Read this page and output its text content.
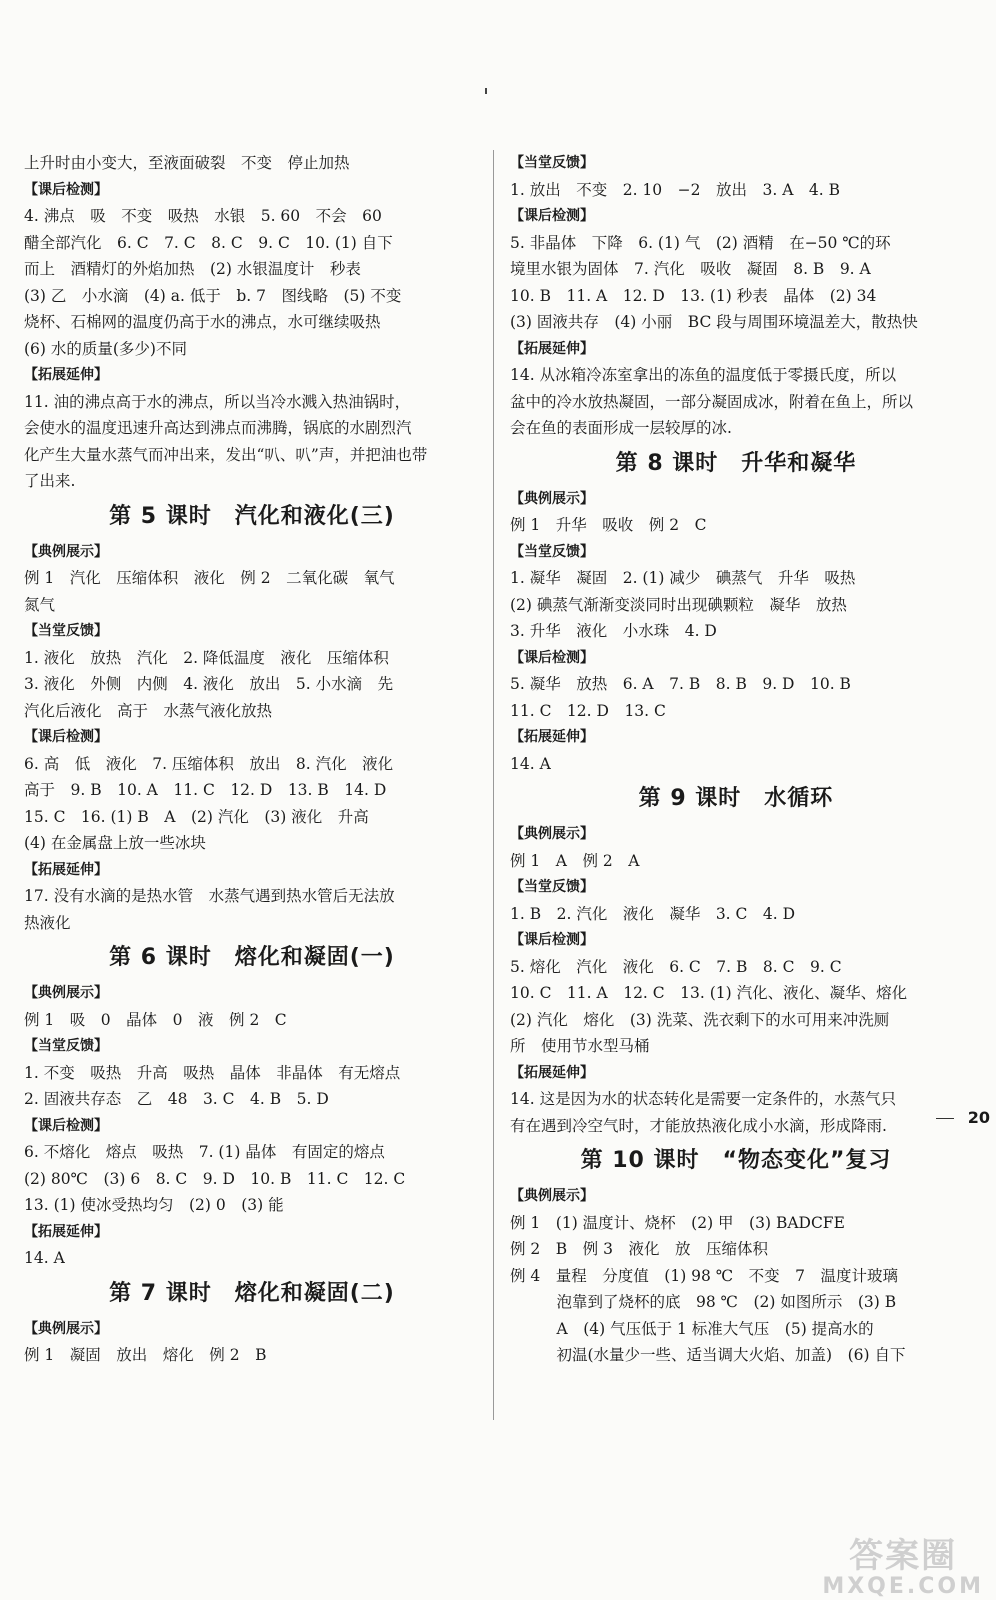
上升时由小变大，至液面破裂　不变　停止加热
【课后检测】
4. 沸点　吸　不变　吸热　水银　5. 60　不会　60
醋全部汽化　6. C　7. C　8. C　9. C　10. (1) 自下
而上　酒精灯的外焰加热　(2) 水银温度计　秒表
(3) 乙　小水滴　(4) a. 低于　b. 7　图线略　(5) 不变
烧杯、石棉网的温度仍高于水的沸点，水可继续吸热
(6) 水的质量(多少)不同
【拓展延伸】
11. 油的沸点高于水的沸点，所以当冷水溅入热油锅时，
会使水的温度迅速升高达到沸点而沸腾，锅底的水剧烈汽
化产生大量水蒸气而冲出来，发出“叭、叭”声，并把油也带
了出来.
第 5 课时　汽化和液化(三)
【典例展示】
例 1　汽化　压缩体积　液化　例 2　二氧化碳　氧气
氮气
【当堂反馈】
1. 液化　放热　汽化　2. 降低温度　液化　压缩体积
3. 液化　外侧　内侧　4. 液化　放出　5. 小水滴　先
汽化后液化　高于　水蒸气液化放热
【课后检测】
6. 高　低　液化　7. 压缩体积　放出　8. 汽化　液化
高于　9. B　10. A　11. C　12. D　13. B　14. D
15. C　16. (1) B　A　(2) 汽化　(3) 液化　升高
(4) 在金属盘上放一些冰块
【拓展延伸】
17. 没有水滴的是热水管　水蒸气遇到热水管后无法放
热液化
第 6 课时　熔化和凝固(一)
【典例展示】
例 1　吸　0　晶体　0　液　例 2　C
【当堂反馈】
1. 不变　吸热　升高　吸热　晶体　非晶体　有无熔点
2. 固液共存态　乙　48　3. C　4. B　5. D
【课后检测】
6. 不熔化　熔点　吸热　7. (1) 晶体　有固定的熔点
(2) 80℃　(3) 6　8. C　9. D　10. B　11. C　12. C
13. (1) 使冰受热均匀　(2) 0　(3) 能
【拓展延伸】
14. A
第 7 课时　熔化和凝固(二)
【典例展示】
例 1　凝固　放出　熔化　例 2　B
【当堂反馈】
1. 放出　不变　2. 10　−2　放出　3. A　4. B
【课后检测】
5. 非晶体　下降　6. (1) 气　(2) 酒精　在−50 ℃的环
境里水银为固体　7. 汽化　吸收　凝固　8. B　9. A
10. B　11. A　12. D　13. (1) 秒表　晶体　(2) 34
(3) 固液共存　(4) 小丽　BC 段与周围环境温差大，散热快
【拓展延伸】
14. 从冰箱冷冻室拿出的冻鱼的温度低于零摄氏度，所以
盆中的冷水放热凝固，一部分凝固成冰，附着在鱼上，所以
会在鱼的表面形成一层较厚的冰.
第 8 课时　升华和凝华
【典例展示】
例 1　升华　吸收　例 2　C
【当堂反馈】
1. 凝华　凝固　2. (1) 减少　碘蒸气　升华　吸热
(2) 碘蒸气渐渐变淡同时出现碘颗粒　凝华　放热
3. 升华　液化　小水珠　4. D
【课后检测】
5. 凝华　放热　6. A　7. B　8. B　9. D　10. B
11. C　12. D　13. C
【拓展延伸】
14. A
第 9 课时　水循环
【典例展示】
例 1　A　例 2　A
【当堂反馈】
1. B　2. 汽化　液化　凝华　3. C　4. D
【课后检测】
5. 熔化　汽化　液化　6. C　7. B　8. C　9. C
10. C　11. A　12. C　13. (1) 汽化、液化、凝华、熔化
(2) 汽化　熔化　(3) 洗菜、洗衣剩下的水可用来冲洗厕
所　使用节水型马桶
【拓展延伸】
14. 这是因为水的状态转化是需要一定条件的，水蒸气只
有在遇到冷空气时，才能放热液化成小水滴，形成降雨.
第 10 课时　“物态变化”复习
【典例展示】
例 1　(1) 温度计、烧杯　(2) 甲　(3) BADCFE
例 2　B　例 3　液化　放　压缩体积
例 4　量程　分度值　(1) 98 ℃　不变　7　温度计玻璃
　　　泡靠到了烧杯的底　98 ℃　(2) 如图所示　(3) B
　　　A　(4) 气压低于 1 标准大气压　(5) 提高水的
　　　初温(水量少一些、适当调大火焰、加盖)　(6) 自下
20
答案圈
MXQE.COM
